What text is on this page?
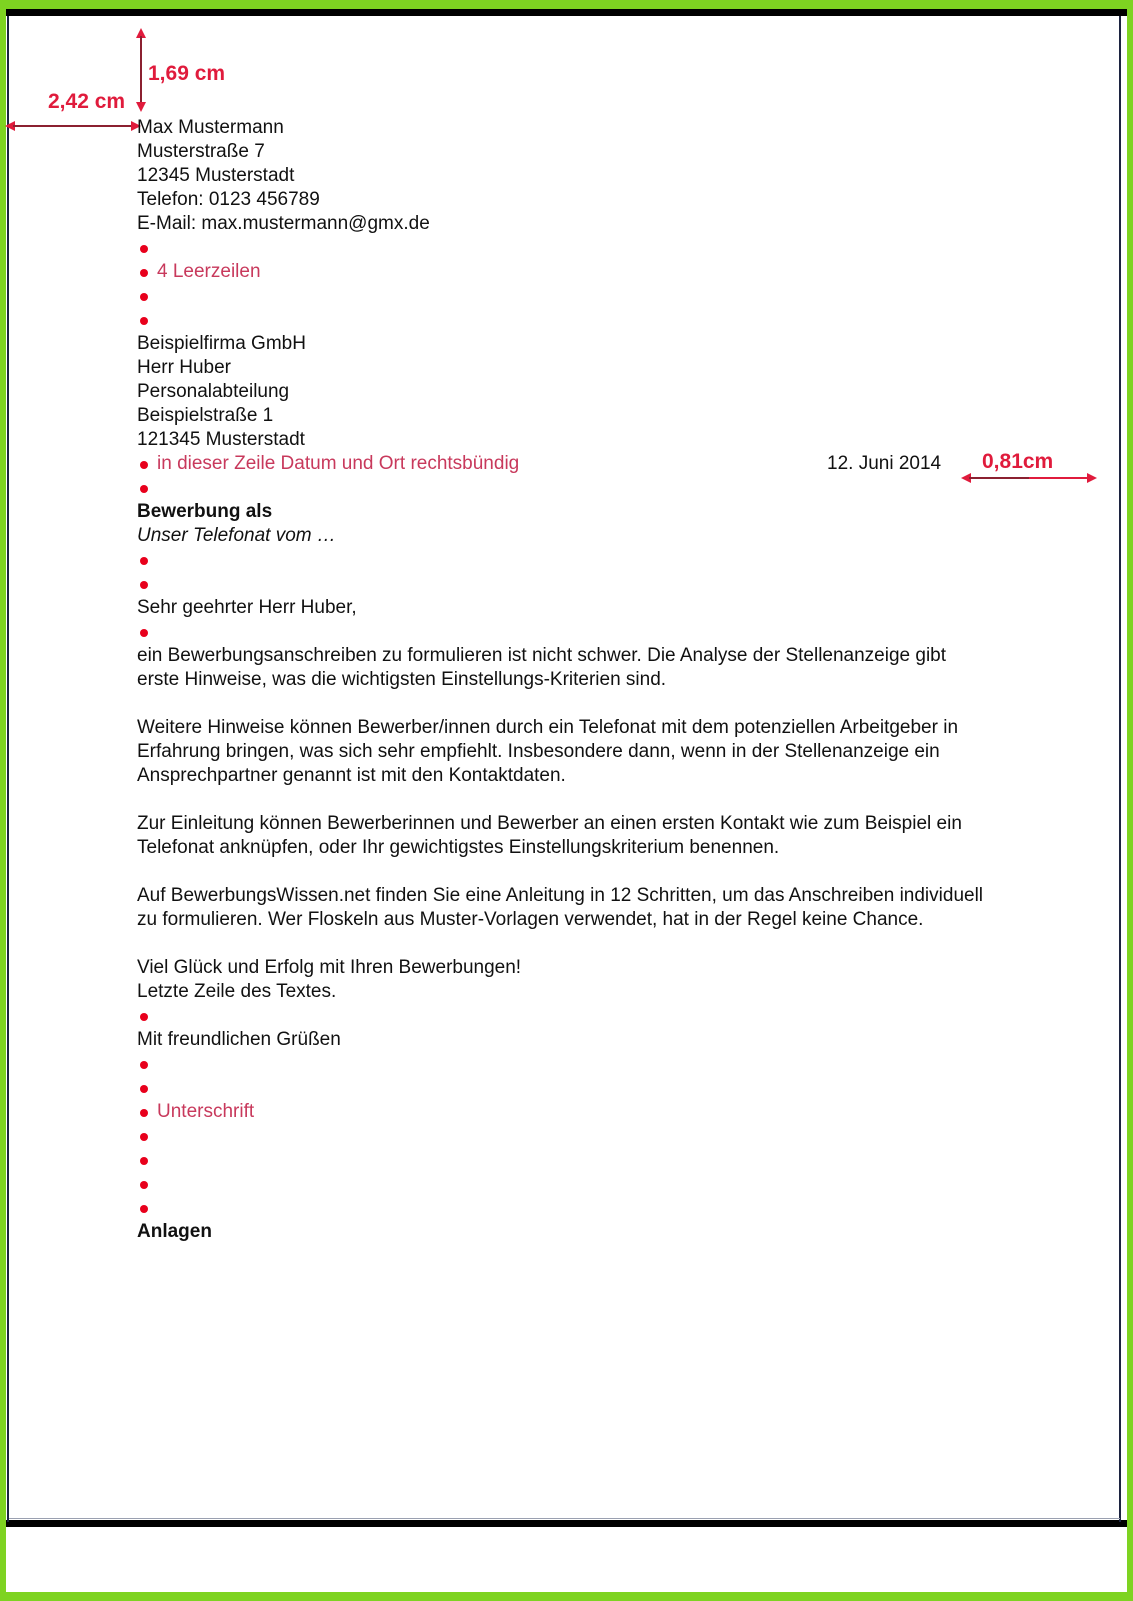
1,69 cm
2,42 cm
0,81cm
Max Mustermann
Musterstraße 7
12345 Musterstadt
Telefon: 0123 456789
E-Mail: max.mustermann@gmx.de
4 Leerzeilen
Beispielfirma GmbH
Herr Huber
Personalabteilung
Beispielstraße 1
121345 Musterstadt
in dieser Zeile Datum und Ort rechtsbündig	12. Juni 2014
Bewerbung als
Unser Telefonat vom …
Sehr geehrter Herr Huber,

ein Bewerbungsanschreiben zu formulieren ist nicht schwer. Die Analyse der Stellenanzeige gibt erste Hinweise, was die wichtigsten Einstellungs-Kriterien sind.

Weitere Hinweise können Bewerber/innen durch ein Telefonat mit dem potenziellen Arbeitgeber in Erfahrung bringen, was sich sehr empfiehlt. Insbesondere dann, wenn in der Stellenanzeige ein Ansprechpartner genannt ist mit den Kontaktdaten.

Zur Einleitung können Bewerberinnen und Bewerber an einen ersten Kontakt wie zum Beispiel ein Telefonat anknüpfen, oder Ihr gewichtigstes Einstellungskriterium benennen.

Auf BewerbungsWissen.net finden Sie eine Anleitung in 12 Schritten, um das Anschreiben individuell zu formulieren. Wer Floskeln aus Muster-Vorlagen verwendet, hat in der Regel keine Chance.

Viel Glück und Erfolg mit Ihren Bewerbungen!
Letzte Zeile des Textes.
Mit freundlichen Grüßen
Unterschrift
Anlagen
